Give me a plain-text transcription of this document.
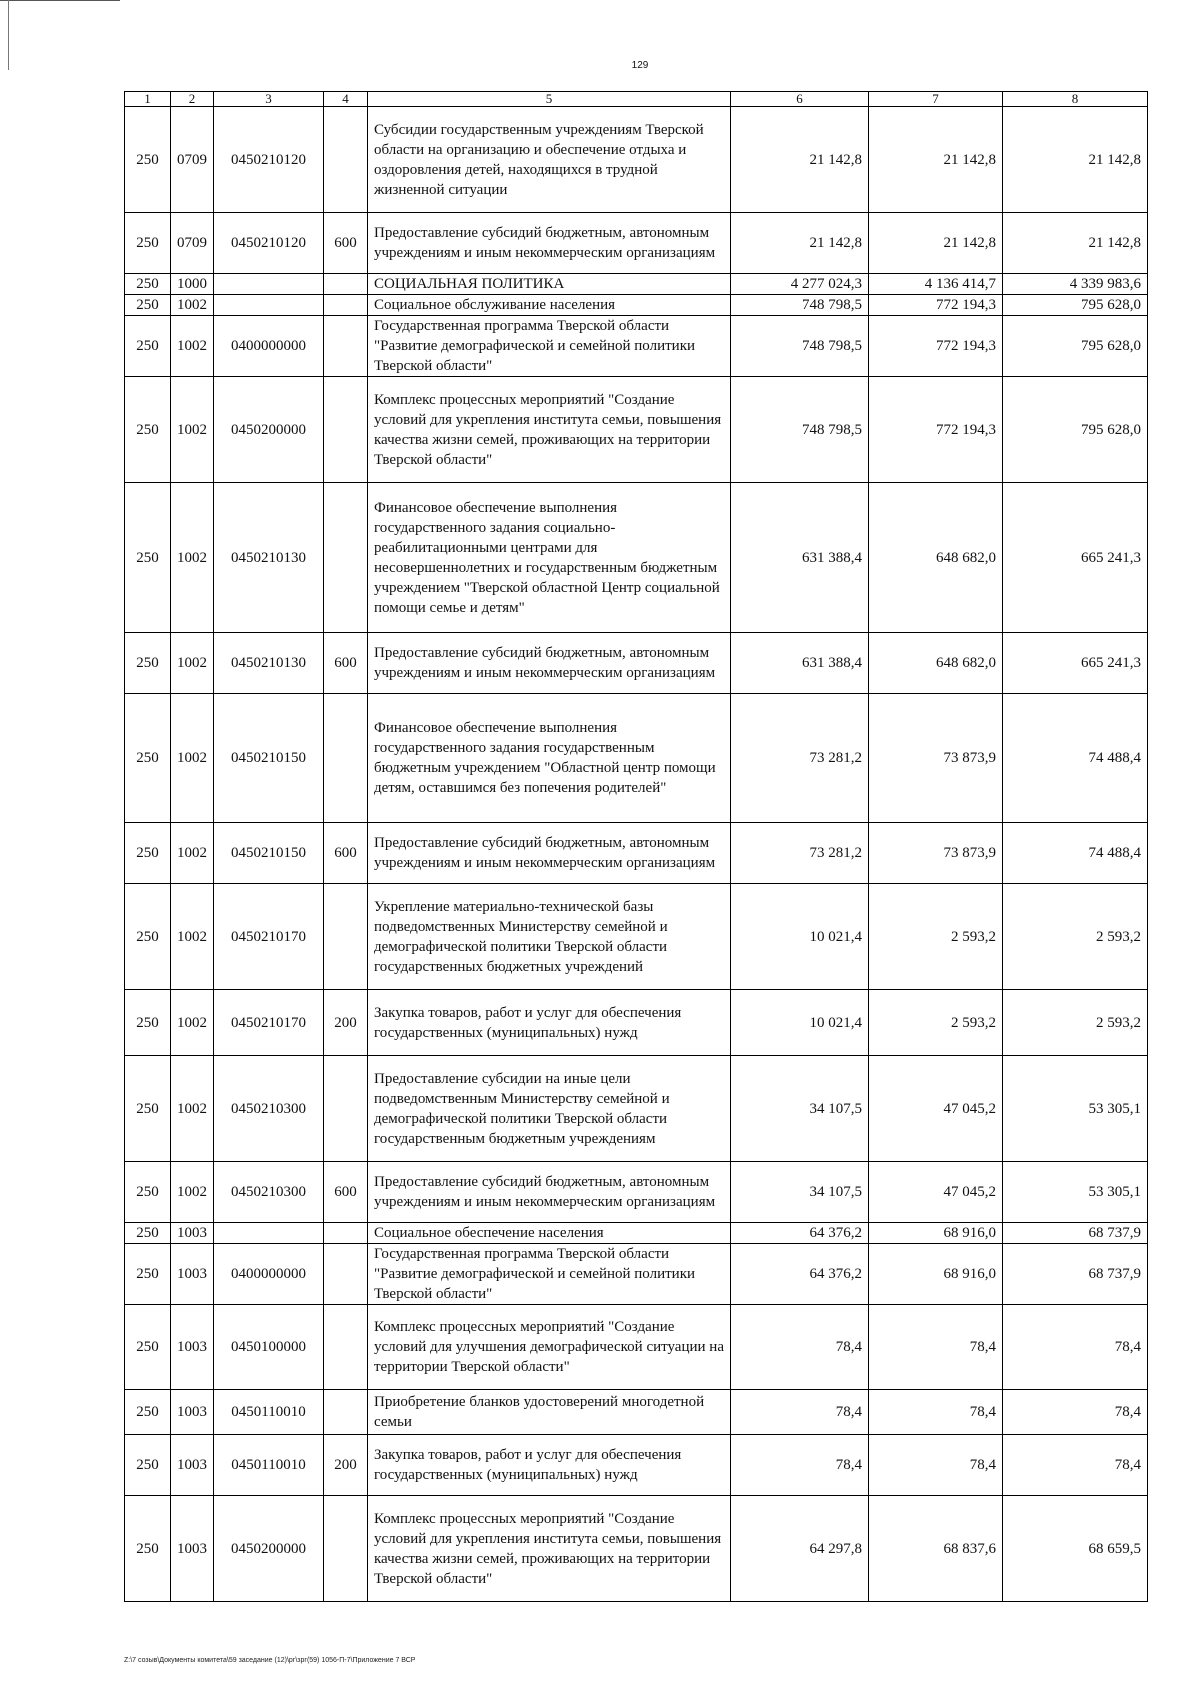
129
1	2	3	4	5	6	7	8
250	0709	0450210120		Субсидии государственным учреждениям Тверской области на организацию и обеспечение отдыха и оздоровления детей, находящихся в трудной жизненной ситуации	21 142,8	21 142,8	21 142,8
250	0709	0450210120	600	Предоставление субсидий бюджетным, автономным учреждениям и иным некоммерческим организациям	21 142,8	21 142,8	21 142,8
250	1000			СОЦИАЛЬНАЯ ПОЛИТИКА	4 277 024,3	4 136 414,7	4 339 983,6
250	1002			Социальное обслуживание населения	748 798,5	772 194,3	795 628,0
250	1002	0400000000		Государственная программа Тверской области "Развитие демографической и семейной политики Тверской области"	748 798,5	772 194,3	795 628,0
250	1002	0450200000		Комплекс процессных мероприятий "Создание условий для укрепления института семьи, повышения качества жизни семей, проживающих на территории Тверской области"	748 798,5	772 194,3	795 628,0
250	1002	0450210130		Финансовое обеспечение выполнения государственного задания социально-реабилитационными центрами для несовершеннолетних и государственным бюджетным учреждением "Тверской областной Центр социальной помощи семье и детям"	631 388,4	648 682,0	665 241,3
250	1002	0450210130	600	Предоставление субсидий бюджетным, автономным учреждениям и иным некоммерческим организациям	631 388,4	648 682,0	665 241,3
250	1002	0450210150		Финансовое обеспечение выполнения государственного задания государственным бюджетным учреждением "Областной центр помощи детям, оставшимся без попечения родителей"	73 281,2	73 873,9	74 488,4
250	1002	0450210150	600	Предоставление субсидий бюджетным, автономным учреждениям и иным некоммерческим организациям	73 281,2	73 873,9	74 488,4
250	1002	0450210170		Укрепление материально-технической базы подведомственных Министерству семейной и демографической политики Тверской области государственных бюджетных учреждений	10 021,4	2 593,2	2 593,2
250	1002	0450210170	200	Закупка товаров, работ и услуг для обеспечения государственных (муниципальных) нужд	10 021,4	2 593,2	2 593,2
250	1002	0450210300		Предоставление субсидии на иные цели подведомственным Министерству семейной и демографической политики Тверской области государственным бюджетным учреждениям	34 107,5	47 045,2	53 305,1
250	1002	0450210300	600	Предоставление субсидий бюджетным, автономным учреждениям и иным некоммерческим организациям	34 107,5	47 045,2	53 305,1
250	1003			Социальное обеспечение населения	64 376,2	68 916,0	68 737,9
250	1003	0400000000		Государственная программа Тверской области "Развитие демографической и семейной политики Тверской области"	64 376,2	68 916,0	68 737,9
250	1003	0450100000		Комплекс процессных мероприятий "Создание условий для улучшения демографической ситуации на территории Тверской области"	78,4	78,4	78,4
250	1003	0450110010		Приобретение бланков удостоверений многодетной семьи	78,4	78,4	78,4
250	1003	0450110010	200	Закупка товаров, работ и услуг для обеспечения государственных (муниципальных) нужд	78,4	78,4	78,4
250	1003	0450200000		Комплекс процессных мероприятий "Создание условий для укрепления института семьи, повышения качества жизни семей, проживающих на территории Тверской области"	64 297,8	68 837,6	68 659,5
Z:\7 созыв\Документы комитета\59 заседание (12)\рг\зрг(59) 1056-П-7\Приложение 7 ВСР
